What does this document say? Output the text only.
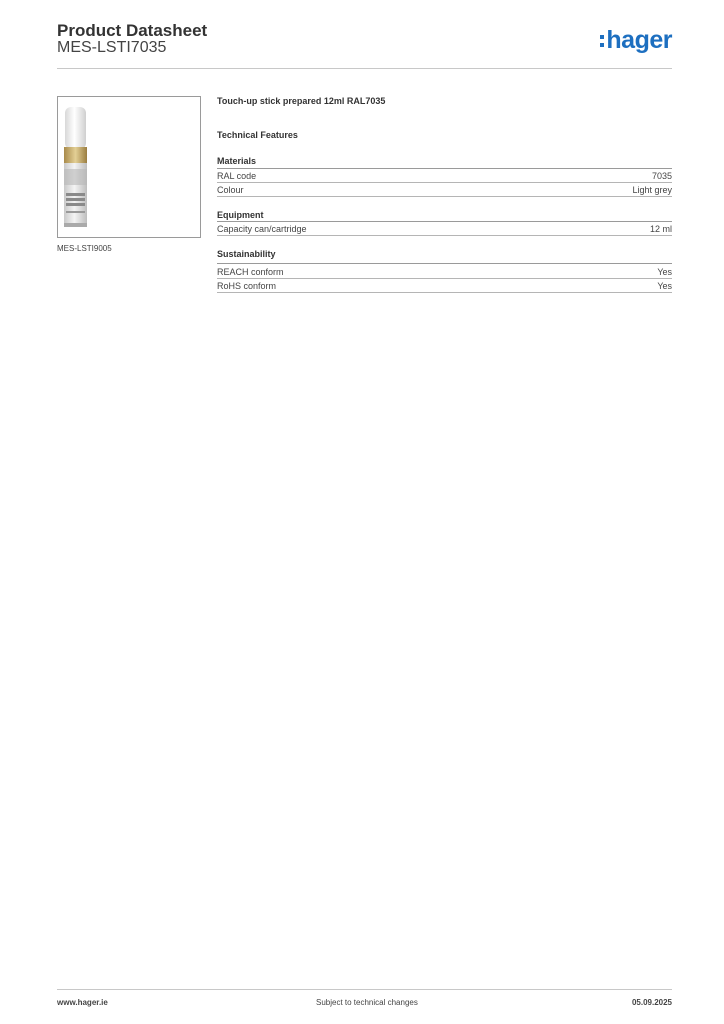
Product Datasheet
MES-LSTI7035	hager
MES-LSTI9005
Touch-up stick prepared 12ml RAL7035
Technical Features
Materials
RAL code	7035
Colour	Light grey
Equipment
Capacity can/cartridge	12 ml
Sustainability
REACH conform	Yes
RoHS conform	Yes
www.hager.ie	Subject to technical changes	05.09.2025
